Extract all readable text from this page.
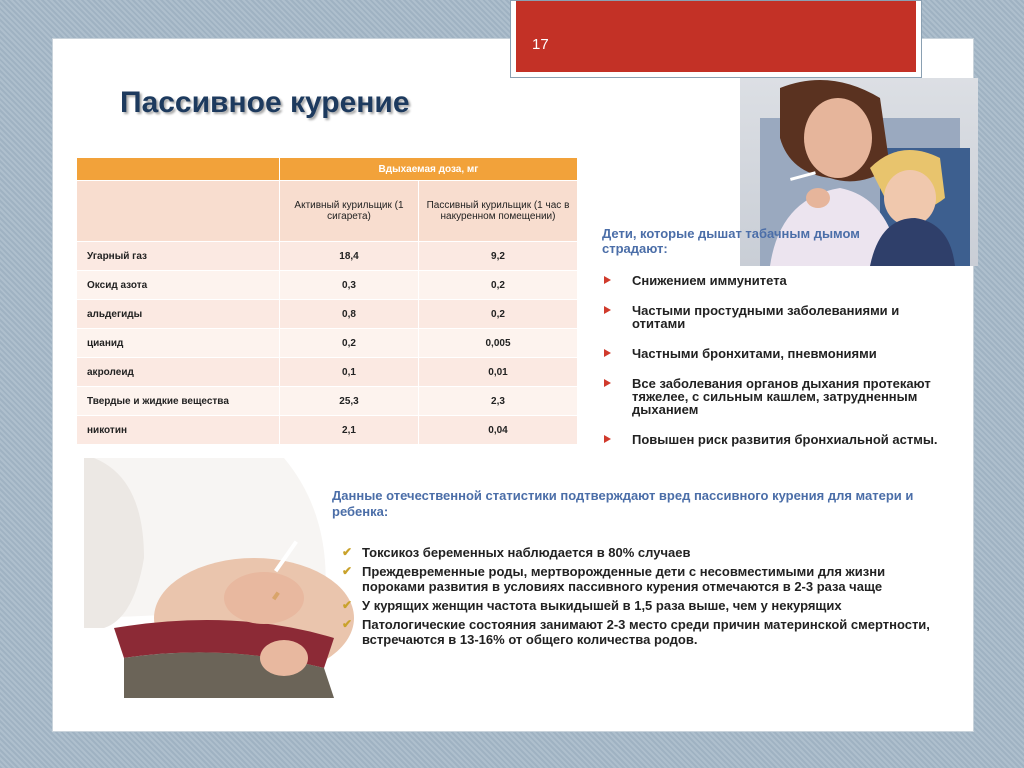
17
Пассивное курение
	Вдыхаемая доза, мг	
	Активный курильщик (1 сигарета)	Пассивный курильщик (1 час в накуренном помещении)
Угарный газ	18,4	9,2
Оксид азота	0,3	0,2
альдегиды	0,8	0,2
цианид	0,2	0,005
акролеид	0,1	0,01
Твердые и жидкие вещества	25,3	2,3
никотин	2,1	0,04
Дети, которые дышат табачным дымом страдают:
Снижением иммунитета
Частыми простудными заболеваниями и отитами
Частными бронхитами, пневмониями
Все заболевания органов дыхания протекают тяжелее, с сильным кашлем, затрудненным дыханием
Повышен риск развития бронхиальной астмы.
Данные отечественной статистики подтверждают вред пассивного курения для матери и ребенка:
✔ Токсикоз беременных наблюдается в 80% случаев
✔ Преждевременные роды, мертворожденные дети с несовместимыми для жизни пороками развития в условиях пассивного курения отмечаются в 2-3 раза чаще
✔ У курящих женщин частота выкидышей в 1,5 раза выше, чем у некурящих
✔ Патологические состояния занимают 2-3 место среди причин материнской смертности, встречаются в 13-16% от общего количества родов.
